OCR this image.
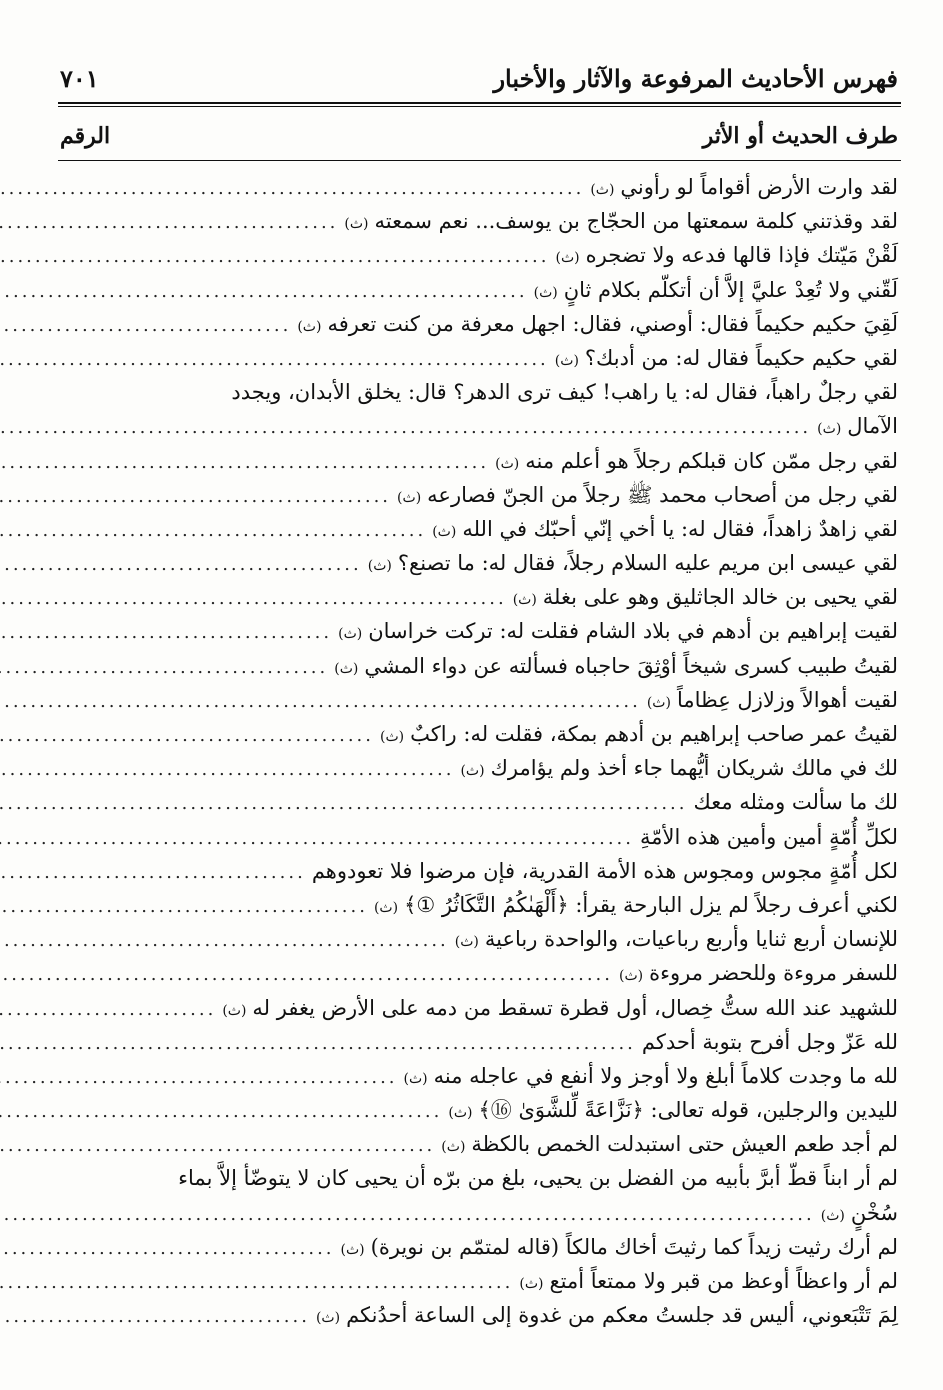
٧٠١	فهرس الأحاديث المرفوعة والآثار والأخبار
الرقم	طرف الحديث أو الأثر
لقد وارت الأرض أقواماً لو رأوني
(ث)
.....
لقد وقذتني كلمة سمعتها من الحجّاج بن يوسف... نعم سمعته
(ث)
.....
لَقْنْ مَيّتك فإذا قالها فدعه ولا تضجره
(ث)
.....
لَقّني ولا تُعِدْ عليَّ إلاَّ أن أتكلّم بكلام ثانٍ
(ث)
.....
لَقِيَ حكيم حكيماً فقال: أوصني، فقال: اجهل معرفة من كنت تعرفه
(ث)
.....
لقي حكيم حكيماً فقال له: من أدبك؟
(ث)
.....
لقي رجلٌ راهباً، فقال له: يا راهب! كيف ترى الدهر؟ قال: يخلق الأبدان، ويجدد
الآمال
(ث)
.....
لقي رجل ممّن كان قبلكم رجلاً هو أعلم منه
(ث)
.....
لقي رجل من أصحاب محمد ﷺ رجلاً من الجنّ فصارعه
(ث)
.....
لقي زاهدٌ زاهداً، فقال له: يا أخي إنّي أحبّك في الله
(ث)
.....
لقي عيسى ابن مريم عليه السلام رجلاً، فقال له: ما تصنع؟
(ث)
.....
لقي يحيى بن خالد الجاثليق وهو على بغلة
(ث)
.....
لقيت إبراهيم بن أدهم في بلاد الشام فقلت له: تركت خراسان
(ث)
.....
لقيتُ طبيب كسرى شيخاً أوْثِقَ حاجباه فسألته عن دواء المشي
(ث)
.....
لقيت أهوالاً وزلازل عِظاماً
(ث)
.....
لقيتُ عمر صاحب إبراهيم بن أدهم بمكة، فقلت له: راكبٌ
(ث)
.....
لك في مالك شريكان أيُّهما جاء أخذ ولم يؤامرك
(ث)
.....
لك ما سألت ومثله معك
.....
لكلِّ أُمّةٍ أمين وأمين هذه الأمّةِ
.....
لكل أُمّةٍ مجوس ومجوس هذه الأمة القدرية، فإن مرضوا فلا تعودوهم
.....
لكني أعرف رجلاً لم يزل البارحة يقرأ: ﴿أَلْهَىٰكُمُ التَّكَاثُرُ ①﴾
(ث)
.....
للإنسان أربع ثنايا وأربع رباعيات، والواحدة رباعية
(ث)
.....
للسفر مروءة وللحضر مروءة
(ث)
.....
للشهيد عند الله ستُّ خِصال، أول قطرة تسقط من دمه على الأرض يغفر له
(ث)
.....
لله عَزّ وجل أفرح بتوبة أحدكم
.....
لله ما وجدت كلاماً أبلغ ولا أوجز ولا أنفع في عاجله منه
(ث)
.....
لليدين والرجلين، قوله تعالى: ﴿نَزَّاعَةً لِّلشَّوَىٰ ⑯﴾
(ث)
.....
لم أجد طعم العيش حتى استبدلت الخمص بالكظة
(ث)
.....
لم أر ابناً قطّ أبرَّ بأبيه من الفضل بن يحيى، بلغ من برّه أن يحيى كان لا يتوضّأ إلاَّ بماء
سُخْنٍ
(ث)
.....
لم أرك رثيت زيداً كما رثيتَ أخاك مالكاً (قاله لمتمّم بن نويرة)
(ث)
.....
لم أر واعظاً أوعظ من قبر ولا ممتعاً أمتع
(ث)
.....
لِمَ تَتْبَعوني، أليس قد جلستُ معكم من غدوة إلى الساعة أحدُنكم
(ث)
.....
